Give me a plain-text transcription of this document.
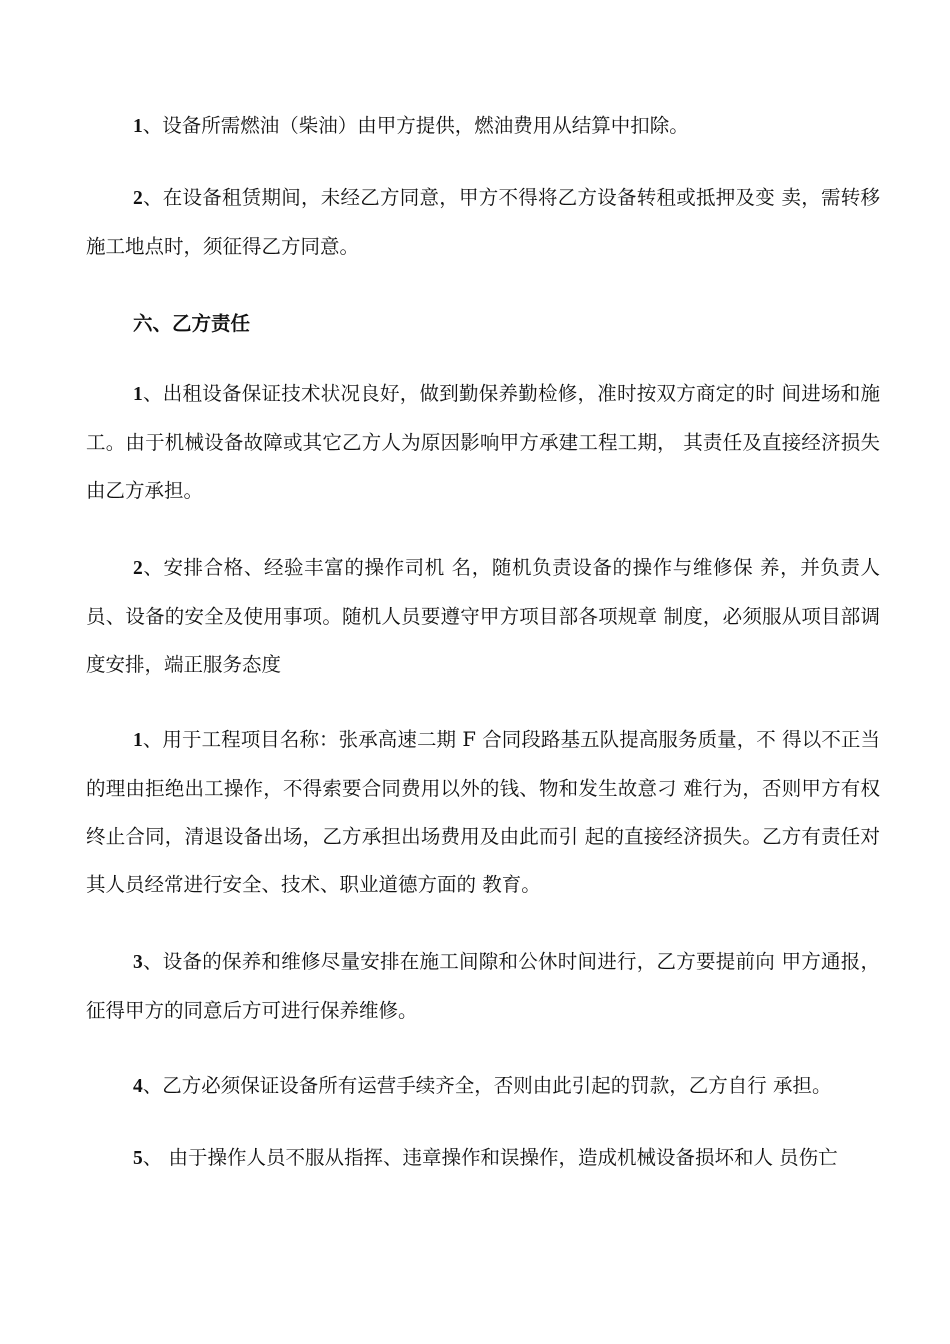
1、设备所需燃油（柴油）由甲方提供，燃油费用从结算中扣除。

2、在设备租赁期间，未经乙方同意，甲方不得将乙方设备转租或抵押及变 卖，需转移施工地点时，须征得乙方同意。

六、乙方责任

1、出租设备保证技术状况良好，做到勤保养勤检修，准时按双方商定的时 间进场和施工。由于机械设备故障或其它乙方人为原因影响甲方承建工程工期， 其责任及直接经济损失由乙方承担。

2、安排合格、经验丰富的操作司机 名，随机负责设备的操作与维修保 养，并负责人员、设备的安全及使用事项。随机人员要遵守甲方项目部各项规章 制度，必须服从项目部调度安排，端正服务态度

1、用于工程项目名称：张承高速二期 F 合同段路基五队提高服务质量，不 得以不正当的理由拒绝出工操作，不得索要合同费用以外的钱、物和发生故意刁 难行为，否则甲方有权终止合同，清退设备出场，乙方承担出场费用及由此而引 起的直接经济损失。乙方有责任对其人员经常进行安全、技术、职业道德方面的 教育。

3、设备的保养和维修尽量安排在施工间隙和公休时间进行，乙方要提前向 甲方通报，征得甲方的同意后方可进行保养维修。

4、乙方必须保证设备所有运营手续齐全，否则由此引起的罚款，乙方自行 承担。

5、 由于操作人员不服从指挥、违章操作和误操作，造成机械设备损坏和人 员伤亡
